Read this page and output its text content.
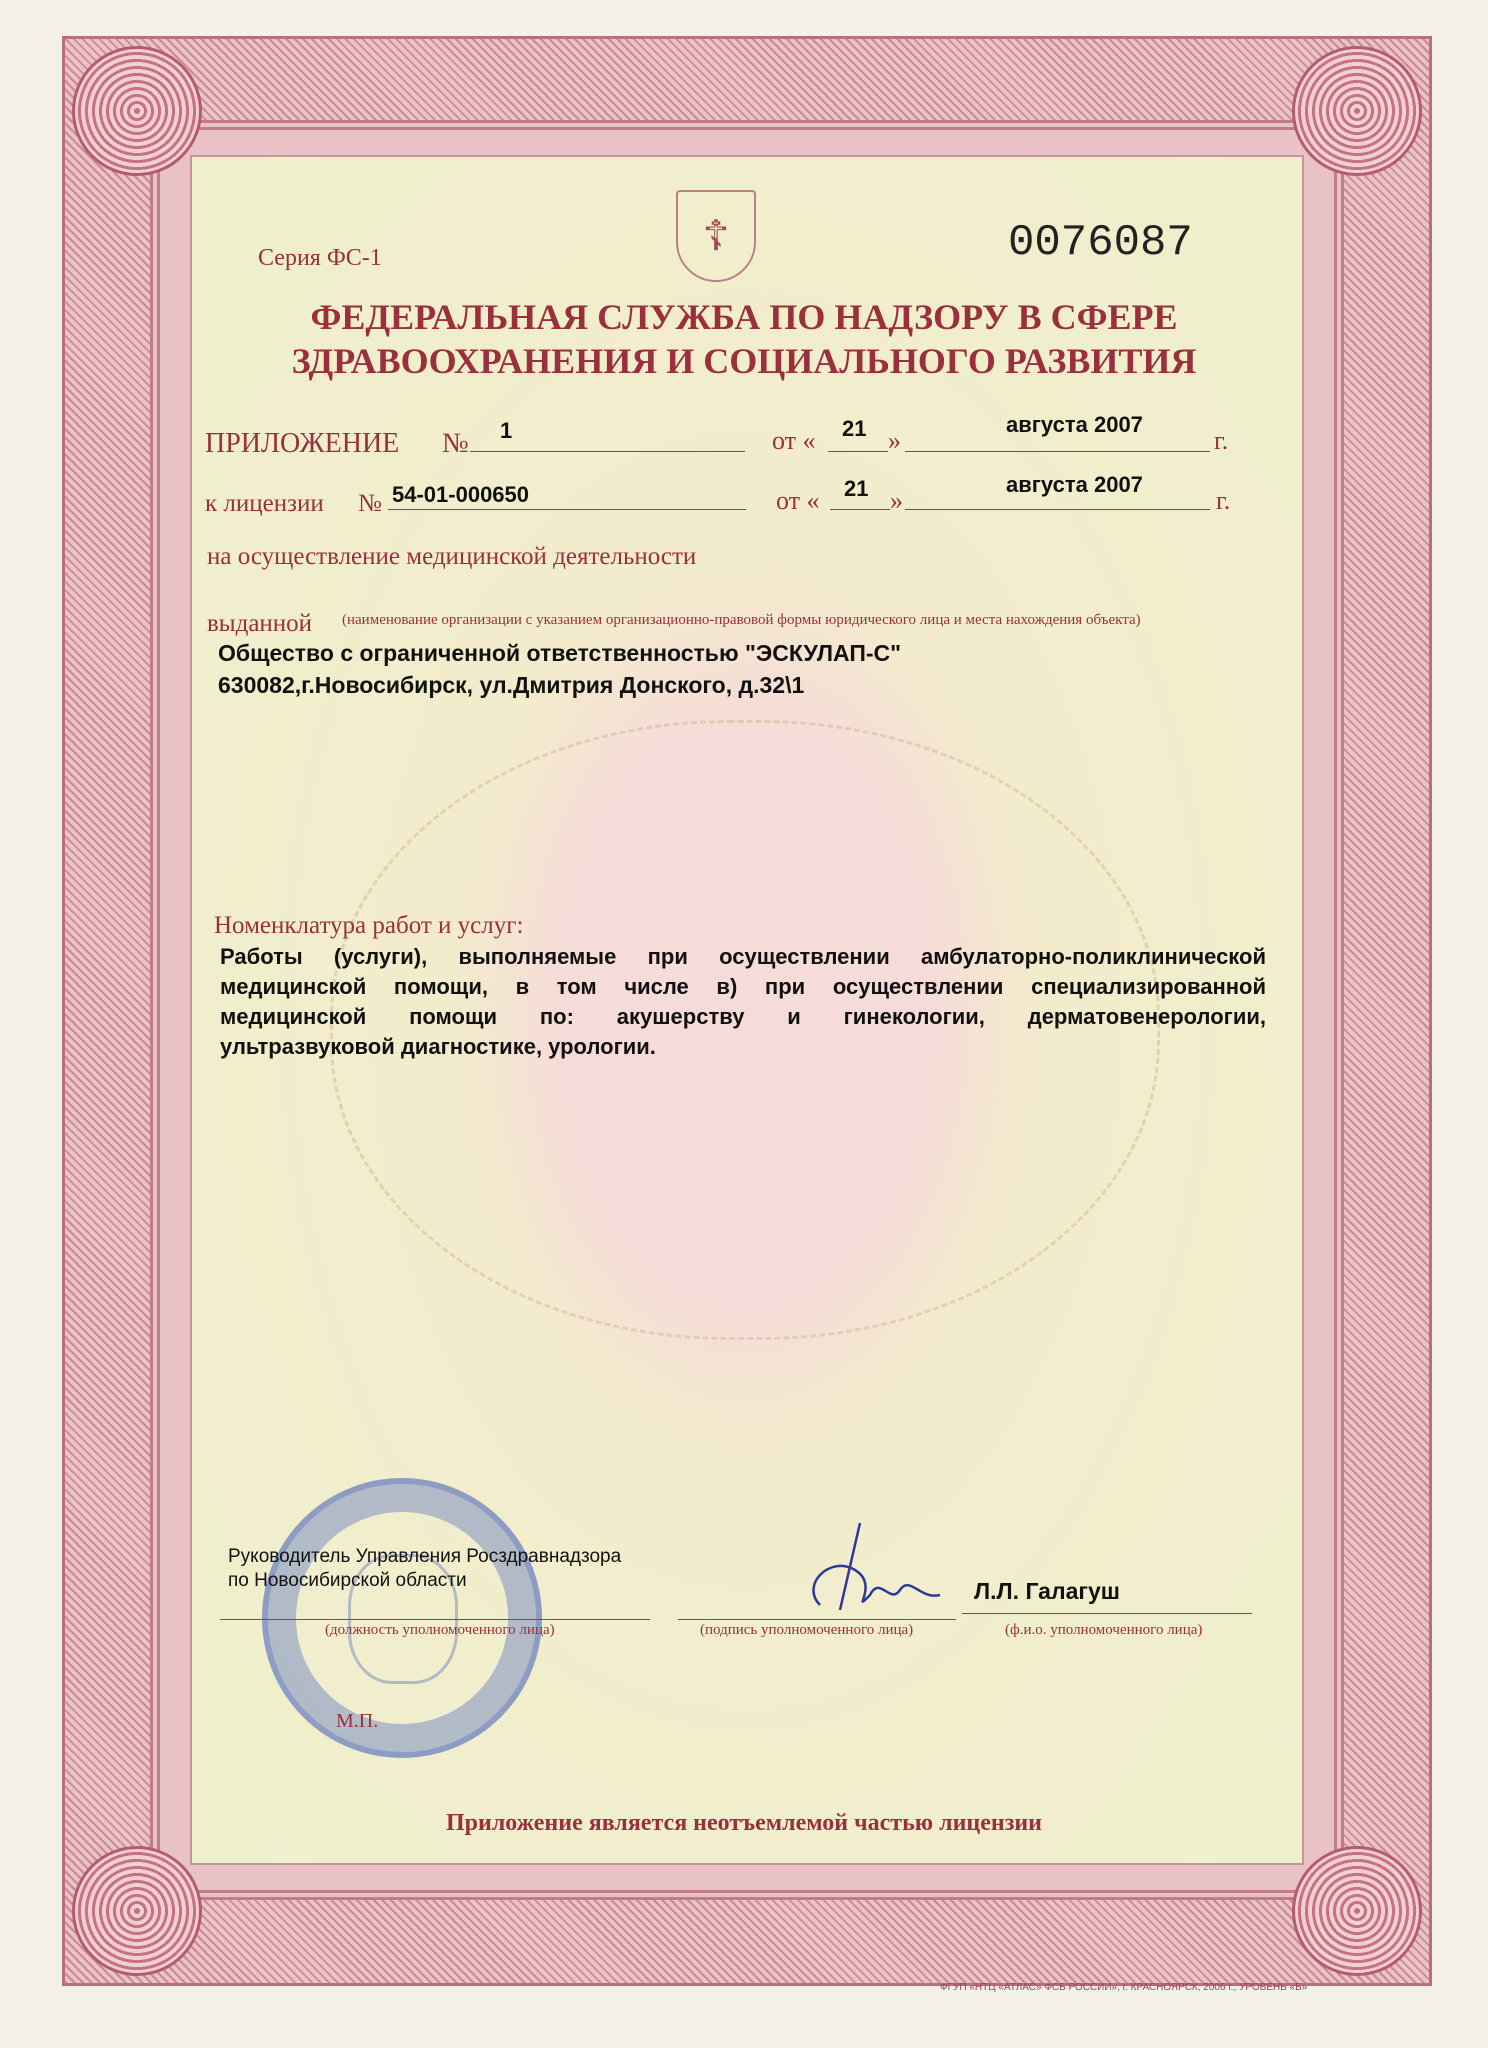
☦
Серия ФС-1	0076087
ФЕДЕРАЛЬНАЯ СЛУЖБА ПО НАДЗОРУ В СФЕРЕ
ЗДРАВООХРАНЕНИЯ И СОЦИАЛЬНОГО РАЗВИТИЯ
ПРИЛОЖЕНИЕ № 1	от « 21 »
августа 2007
г.
к лицензии № 54-01-000650	от « 21 »
августа 2007
г.
на осуществление медицинской деятельности
выданной (наименование организации с указанием организационно-правовой формы юридического лица и места нахождения объекта)
Общество с ограниченной ответственностью "ЭСКУЛАП-С"
630082,г.Новосибирск, ул.Дмитрия Донского, д.32\1
Номенклатура работ и услуг:
Работы (услуги), выполняемые при осуществлении амбулаторно-поликлинической
медицинской помощи, в том числе в) при осуществлении специализированной
медицинской помощи по: акушерству и гинекологии, дерматовенерологии,
ультразвуковой диагностике, урологии.
Руководитель Управления Росздравнадзора
по Новосибирской области
(должность уполномоченного лица)	(подпись уполномоченного лица)
Л.Л. Галагуш
(ф.и.о. уполномоченного лица)
М.П.
Приложение является неотъемлемой частью лицензии
ФГУП «НТЦ «АТЛАС» ФСБ РОССИИ», г. КРАСНОЯРСК, 2006 г., УРОВЕНЬ «Б»
